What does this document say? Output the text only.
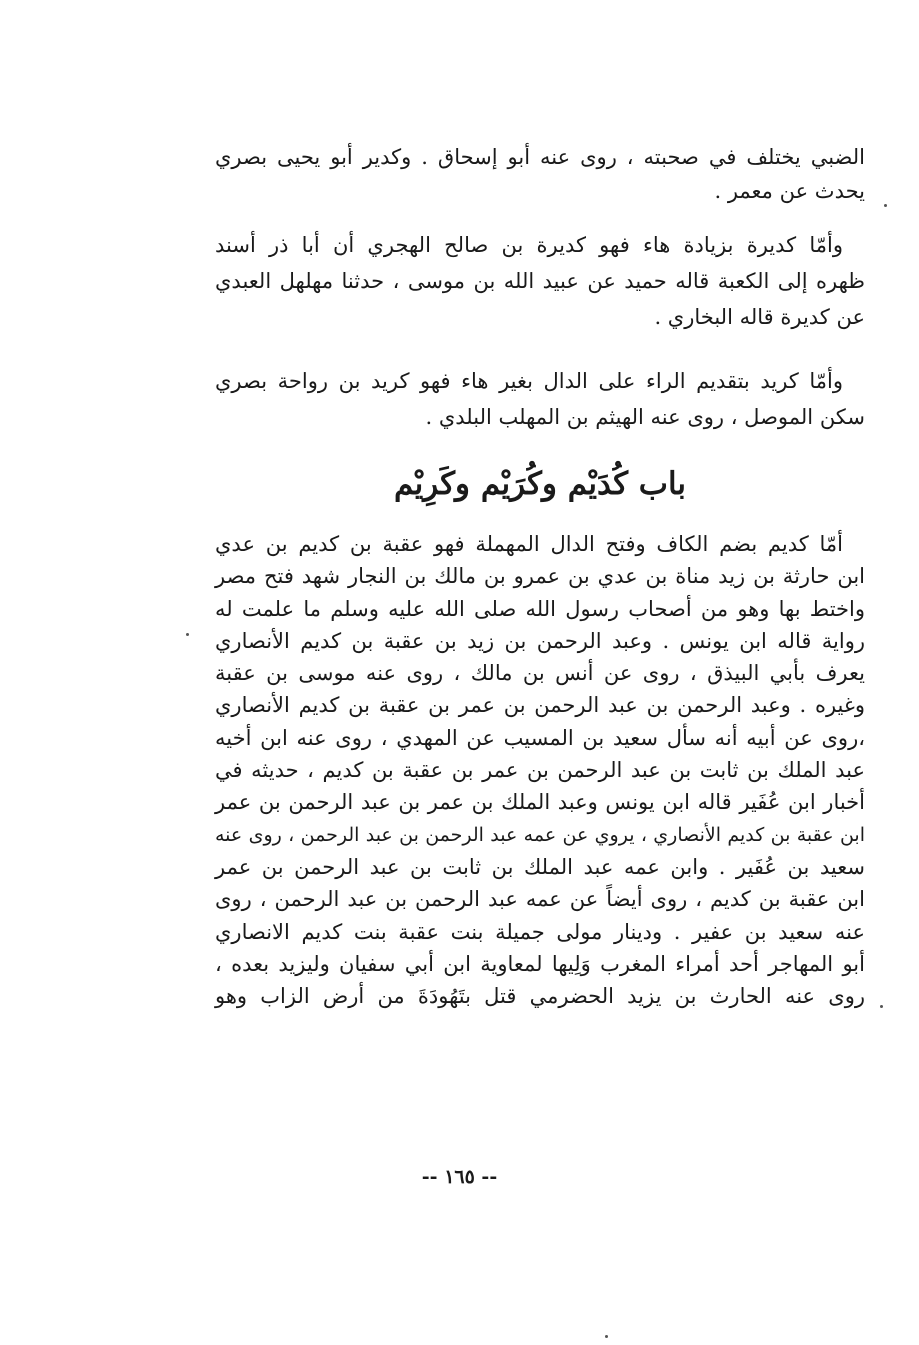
الضبي يختلف في صحبته ، روى عنه أبو إسحاق . وكدير أبو يحيى بصري
يحدث عن معمر .
وأمّا كديرة بزيادة هاء فهو كديرة بن صالح الهجري أن أبا ذر أسند
ظهره إلى الكعبة قاله حميد عن عبيد الله بن موسى ، حدثنا مهلهل العبدي
عن كديرة قاله البخاري .
وأمّا كريد بتقديم الراء على الدال بغير هاء فهو كريد بن رواحة بصري
سكن الموصل ، روى عنه الهيثم بن المهلب البلدي .
باب كُدَيْم وكُرَيْم وكَرِيْم
أمّا كديم بضم الكاف وفتح الدال المهملة فهو عقبة بن كديم بن عدي
ابن حارثة بن زيد مناة بن عدي بن عمرو بن مالك بن النجار شهد فتح مصر
واختط بها وهو من أصحاب رسول الله صلى الله عليه وسلم ما علمت له
رواية قاله ابن يونس . وعبد الرحمن بن زيد بن عقبة بن كديم الأنصاري
يعرف بأبي البيذق ، روى عن أنس بن مالك ، روى عنه موسى بن عقبة
وغيره . وعبد الرحمن بن عبد الرحمن بن عمر بن عقبة بن كديم الأنصاري
،روى عن أبيه أنه سأل سعيد بن المسيب عن المهدي ، روى عنه ابن أخيه
عبد الملك بن ثابت بن عبد الرحمن بن عمر بن عقبة بن كديم ، حديثه في
أخبار ابن عُفَير قاله ابن يونس وعبد الملك بن عمر بن عبد الرحمن بن عمر
ابن عقبة بن كديم الأنصاري ، يروي عن عمه عبد الرحمن بن عبد الرحمن ، روى عنه
سعيد بن عُفَير . وابن عمه عبد الملك بن ثابت بن عبد الرحمن بن عمر
ابن عقبة بن كديم ، روى أيضاً عن عمه عبد الرحمن بن عبد الرحمن ، روى
عنه سعيد بن عفير . ودينار مولى جميلة بنت عقبة بنت كديم الانصاري
أبو المهاجر أحد أمراء المغرب وَلِيها لمعاوية ابن أبي سفيان وليزيد بعده ،
روى عنه الحارث بن يزيد الحضرمي قتل بتَهُودَةَ من أرض الزاب وهو
-- ١٦٥ --
